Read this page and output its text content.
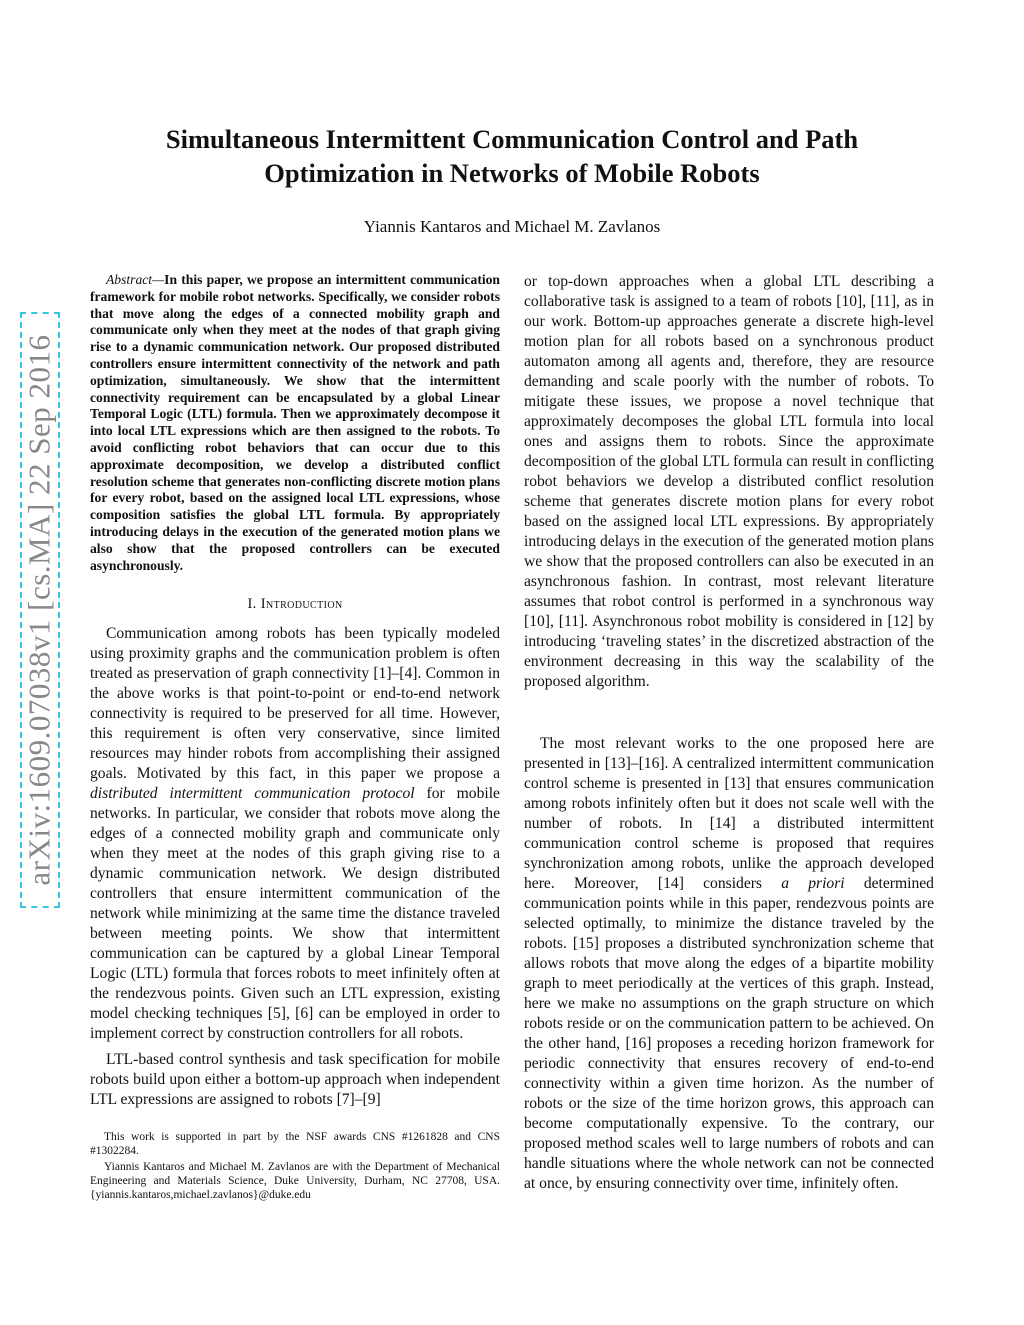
arXiv:1609.07038v1 [cs.MA] 22 Sep 2016
Simultaneous Intermittent Communication Control and Path Optimization in Networks of Mobile Robots
Yiannis Kantaros and Michael M. Zavlanos

Abstract—In this paper, we propose an intermittent communication framework for mobile robot networks. Specifically, we consider robots that move along the edges of a connected mobility graph and communicate only when they meet at the nodes of that graph giving rise to a dynamic communication network. Our proposed distributed controllers ensure intermittent connectivity of the network and path optimization, simultaneously. We show that the intermittent connectivity requirement can be encapsulated by a global Linear Temporal Logic (LTL) formula. Then we approximately decompose it into local LTL expressions which are then assigned to the robots. To avoid conflicting robot behaviors that can occur due to this approximate decomposition, we develop a distributed conflict resolution scheme that generates non-conflicting discrete motion plans for every robot, based on the assigned local LTL expressions, whose composition satisfies the global LTL formula. By appropriately introducing delays in the execution of the generated motion plans we also show that the proposed controllers can be executed asynchronously.

I. Introduction

Communication among robots has been typically modeled using proximity graphs and the communication problem is often treated as preservation of graph connectivity [1]–[4]. Common in the above works is that point-to-point or end-to-end network connectivity is required to be preserved for all time. However, this requirement is often very conservative, since limited resources may hinder robots from accomplishing their assigned goals. Motivated by this fact, in this paper we propose a distributed intermittent communication protocol for mobile networks. In particular, we consider that robots move along the edges of a connected mobility graph and communicate only when they meet at the nodes of this graph giving rise to a dynamic communication network. We design distributed controllers that ensure intermittent communication of the network while minimizing at the same time the distance traveled between meeting points. We show that intermittent communication can be captured by a global Linear Temporal Logic (LTL) formula that forces robots to meet infinitely often at the rendezvous points. Given such an LTL expression, existing model checking techniques [5], [6] can be employed in order to implement correct by construction controllers for all robots.

LTL-based control synthesis and task specification for mobile robots build upon either a bottom-up approach when independent LTL expressions are assigned to robots [7]–[9]

This work is supported in part by the NSF awards CNS #1261828 and CNS #1302284.

Yiannis Kantaros and Michael M. Zavlanos are with the Department of Mechanical Engineering and Materials Science, Duke University, Durham, NC 27708, USA. {yiannis.kantaros,michael.zavlanos}@duke.edu

or top-down approaches when a global LTL describing a collaborative task is assigned to a team of robots [10], [11], as in our work. Bottom-up approaches generate a discrete high-level motion plan for all robots based on a synchronous product automaton among all agents and, therefore, they are resource demanding and scale poorly with the number of robots. To mitigate these issues, we propose a novel technique that approximately decomposes the global LTL formula into local ones and assigns them to robots. Since the approximate decomposition of the global LTL formula can result in conflicting robot behaviors we develop a distributed conflict resolution scheme that generates discrete motion plans for every robot based on the assigned local LTL expressions. By appropriately introducing delays in the execution of the generated motion plans we show that the proposed controllers can also be executed in an asynchronous fashion. In contrast, most relevant literature assumes that robot control is performed in a synchronous way [10], [11]. Asynchronous robot mobility is considered in [12] by introducing ‘traveling states’ in the discretized abstraction of the environment decreasing in this way the scalability of the proposed algorithm.

The most relevant works to the one proposed here are presented in [13]–[16]. A centralized intermittent communication control scheme is presented in [13] that ensures communication among robots infinitely often but it does not scale well with the number of robots. In [14] a distributed intermittent communication control scheme is proposed that requires synchronization among robots, unlike the approach developed here. Moreover, [14] considers a priori determined communication points while in this paper, rendezvous points are selected optimally, to minimize the distance traveled by the robots. [15] proposes a distributed synchronization scheme that allows robots that move along the edges of a bipartite mobility graph to meet periodically at the vertices of this graph. Instead, here we make no assumptions on the graph structure on which robots reside or on the communication pattern to be achieved. On the other hand, [16] proposes a receding horizon framework for periodic connectivity that ensures recovery of end-to-end connectivity within a given time horizon. As the number of robots or the size of the time horizon grows, this approach can become computationally expensive. To the contrary, our proposed method scales well to large numbers of robots and can handle situations where the whole network can not be connected at once, by ensuring connectivity over time, infinitely often.
